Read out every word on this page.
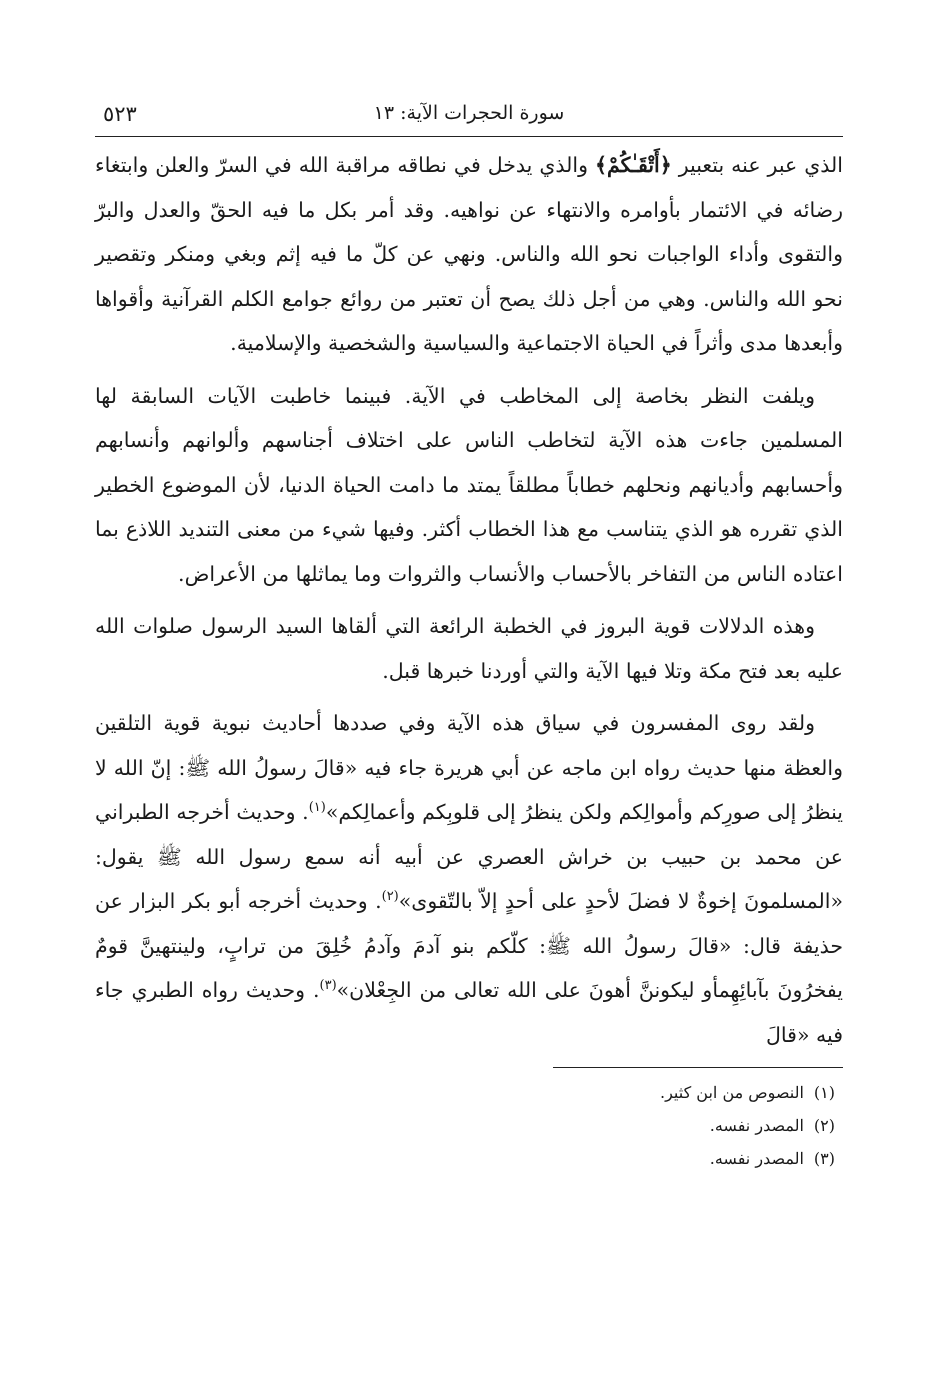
سورة الحجرات الآية: ١٣
٥٢٣

الذي عبر عنه بتعبير ﴿أَتْقَـٰكُمْ﴾ والذي يدخل في نطاقه مراقبة الله في السرّ والعلن وابتغاء رضائه في الائتمار بأوامره والانتهاء عن نواهيه. وقد أمر بكل ما فيه الحقّ والعدل والبرّ والتقوى وأداء الواجبات نحو الله والناس. ونهي عن كلّ ما فيه إثم وبغي ومنكر وتقصير نحو الله والناس. وهي من أجل ذلك يصح أن تعتبر من روائع جوامع الكلم القرآنية وأقواها وأبعدها مدى وأثراً في الحياة الاجتماعية والسياسية والشخصية والإسلامية.

ويلفت النظر بخاصة إلى المخاطب في الآية. فبينما خاطبت الآيات السابقة لها المسلمين جاءت هذه الآية لتخاطب الناس على اختلاف أجناسهم وألوانهم وأنسابهم وأحسابهم وأديانهم ونحلهم خطاباً مطلقاً يمتد ما دامت الحياة الدنيا، لأن الموضوع الخطير الذي تقرره هو الذي يتناسب مع هذا الخطاب أكثر. وفيها شيء من معنى التنديد اللاذع بما اعتاده الناس من التفاخر بالأحساب والأنساب والثروات وما يماثلها من الأعراض.

وهذه الدلالات قوية البروز في الخطبة الرائعة التي ألقاها السيد الرسول صلوات الله عليه بعد فتح مكة وتلا فيها الآية والتي أوردنا خبرها قبل.

ولقد روى المفسرون في سياق هذه الآية وفي صددها أحاديث نبوية قوية التلقين والعظة منها حديث رواه ابن ماجه عن أبي هريرة جاء فيه «قالَ رسولُ الله ﷺ: إنّ الله لا ينظرُ إلى صورِكم وأموالِكم ولكن ينظرُ إلى قلوبِكم وأعمالِكم»$^{(١)}$. وحديث أخرجه الطبراني عن محمد بن حبيب بن خراش العصري عن أبيه أنه سمع رسول الله ﷺ يقول: «المسلمونَ إخوةٌ لا فضلَ لأحدٍ على أحدٍ إلاّ بالتّقوى»$^{(٢)}$. وحديث أخرجه أبو بكر البزار عن حذيفة قال: «قالَ رسولُ الله ﷺ: كلّكم بنو آدمَ وآدمُ خُلِقَ من ترابٍ، ولينتهينَّ قومٌ يفخرُونَ بآبائِهِمأو ليكوننَّ أهونَ على الله تعالى من الجِعْلان»$^{(٣)}$. وحديث رواه الطبري جاء فيه «قالَ

(١)النصوص من ابن كثير.
(٢)المصدر نفسه.
(٣)المصدر نفسه.
